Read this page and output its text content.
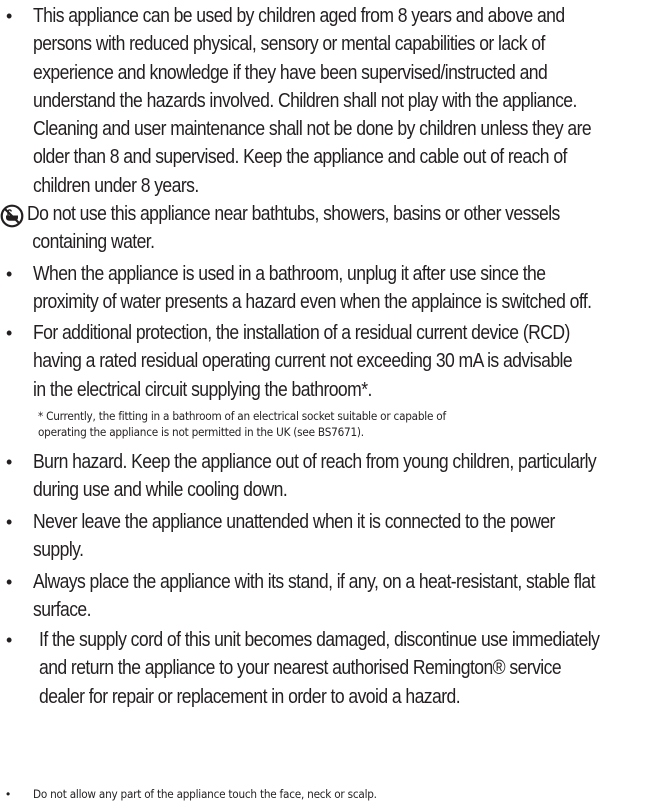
• This appliance can be used by children aged from 8 years and above and
persons with reduced physical, sensory or mental capabilities or lack of
experience and knowledge if they have been supervised/instructed and
understand the hazards involved. Children shall not play with the appliance.
Cleaning and user maintenance shall not be done by children unless they are
older than 8 and supervised. Keep the appliance and cable out of reach of
children under 8 years.
Do not use this appliance near bathtubs, showers, basins or other vessels
containing water.
• When the appliance is used in a bathroom, unplug it after use since the
proximity of water presents a hazard even when the applaince is switched off.
• For additional protection, the installation of a residual current device (RCD)
having a rated residual operating current not exceeding 30 mA is advisable
in the electrical circuit supplying the bathroom*.
* Currently, the fitting in a bathroom of an electrical socket suitable or capable of
operating the appliance is not permitted in the UK (see BS7671).
• Burn hazard. Keep the appliance out of reach from young children, particularly
during use and while cooling down.
• Never leave the appliance unattended when it is connected to the power
supply.
• Always place the appliance with its stand, if any, on a heat-resistant, stable flat
surface.
• If the supply cord of this unit becomes damaged, discontinue use immediately
and return the appliance to your nearest authorised Remington® service
dealer for repair or replacement in order to avoid a hazard.
• Do not allow any part of the appliance touch the face, neck or scalp.
